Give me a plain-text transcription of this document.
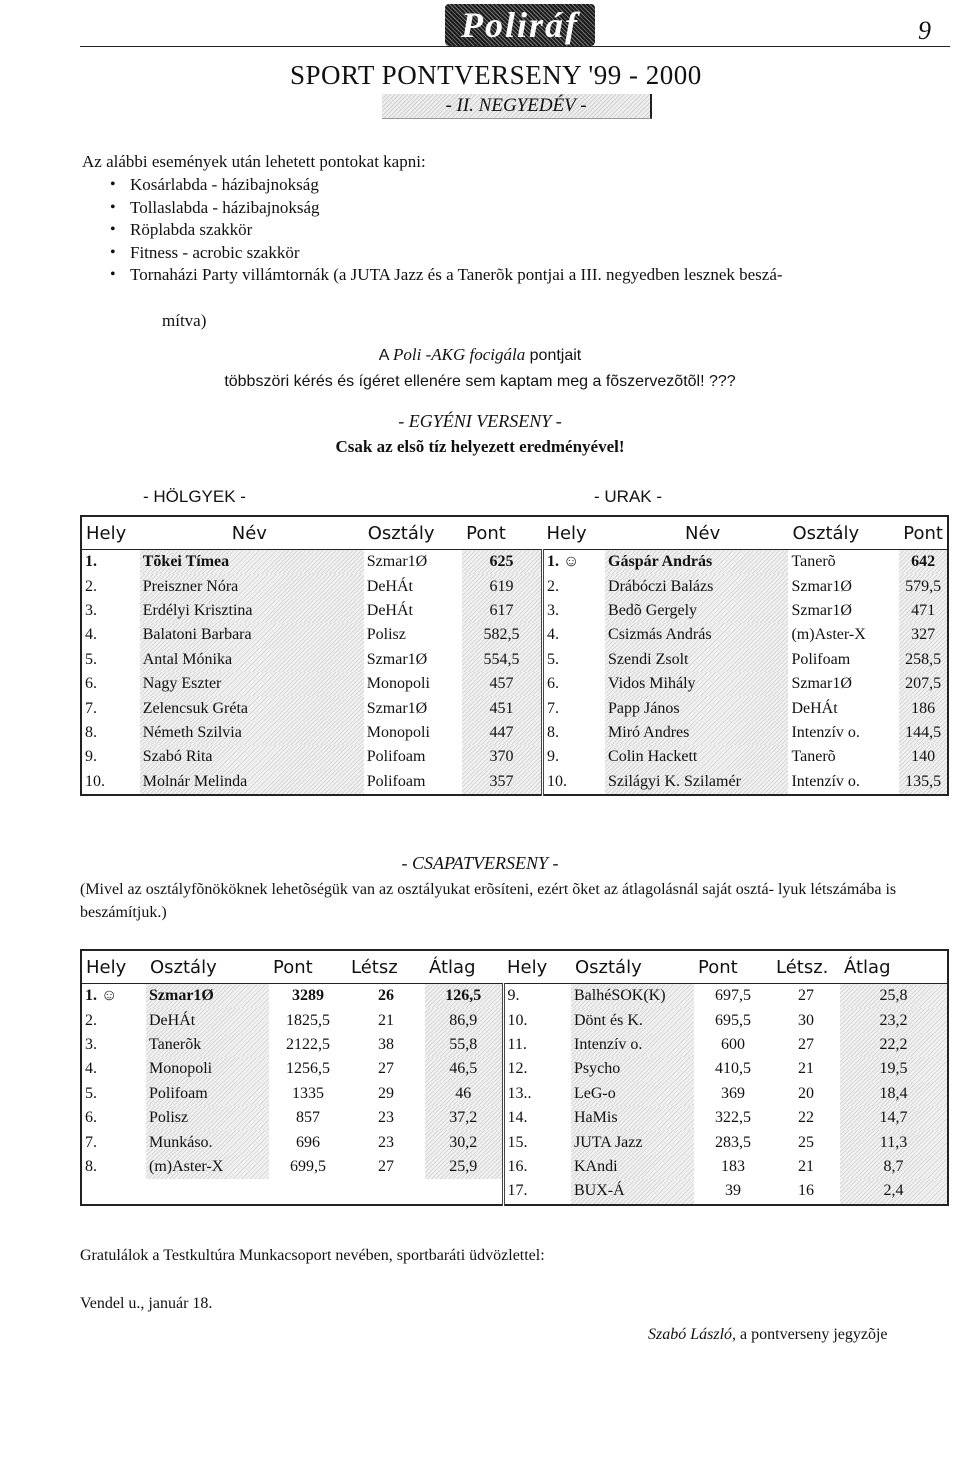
Poliráf	9
SPORT PONTVERSENY '99 - 2000
- II. NEGYEDÉV -
Az alábbi események után lehetett pontokat kapni:
• Kosárlabda - házibajnokság
• Tollaslabda - házibajnokság
• Röplabda szakkör
• Fitness - acrobic szakkör
• Tornaházi Party villámtornák (a JUTA Jazz és a Tanerõk pontjai a III. negyedben lesznek beszá-
mítva)
A Poli -AKG focigála pontjait
többszöri kérés és ígéret ellenére sem kaptam meg a fõszervezõtõl! ???
- EGYÉNI VERSENY -
Csak az elsõ tíz helyezett eredményével!
- HÖLGYEK -	- URAK -
Hely	Név	Osztály	Pont	Hely	Név	Osztály	Pont
1.	Tõkei Tímea	Szmar1Ø	625	1. ☺	Gáspár András	Tanerõ	642
2.	Preiszner Nóra	DeHÁt	619	2.	Drábóczi Balázs	Szmar1Ø	579,5
3.	Erdélyi Krisztina	DeHÁt	617	3.	Bedõ Gergely	Szmar1Ø	471
4.	Balatoni Barbara	Polisz	582,5	4.	Csizmás András	(m)Aster-X	327
5.	Antal Mónika	Szmar1Ø	554,5	5.	Szendi Zsolt	Polifoam	258,5
6.	Nagy Eszter	Monopoli	457	6.	Vidos Mihály	Szmar1Ø	207,5
7.	Zelencsuk Gréta	Szmar1Ø	451	7.	Papp János	DeHÁt	186
8.	Németh Szilvia	Monopoli	447	8.	Miró Andres	Intenzív o.	144,5
9.	Szabó Rita	Polifoam	370	9.	Colin Hackett	Tanerõ	140
10.	Molnár Melinda	Polifoam	357	10.	Szilágyi K. Szilamér	Intenzív o.	135,5
- CSAPATVERSENY -
(Mivel az osztályfõnököknek lehetõségük van az osztályukat erõsíteni, ezért õket az átlagolásnál saját osztá- lyuk létszámába is beszámítjuk.)
Hely	Osztály	Pont	Létsz	Átlag	Hely	Osztály	Pont	Létsz.	Átlag
1. ☺	Szmar1Ø	3289	26	126,5	9.	BalhéSOK(K)	697,5	27	25,8
2.	DeHÁt	1825,5	21	86,9	10.	Dönt és K.	695,5	30	23,2
3.	Tanerõk	2122,5	38	55,8	11.	Intenzív o.	600	27	22,2
4.	Monopoli	1256,5	27	46,5	12.	Psycho	410,5	21	19,5
5.	Polifoam	1335	29	46	13..	LeG-o	369	20	18,4
6.	Polisz	857	23	37,2	14.	HaMis	322,5	22	14,7
7.	Munkáso.	696	23	30,2	15.	JUTA Jazz	283,5	25	11,3
8.	(m)Aster-X	699,5	27	25,9	16.	KAndi	183	21	8,7
					17.	BUX-Á	39	16	2,4
Gratulálok a Testkultúra Munkacsoport nevében, sportbaráti üdvözlettel:
Vendel u., január 18.
Szabó László, a pontverseny jegyzõje
